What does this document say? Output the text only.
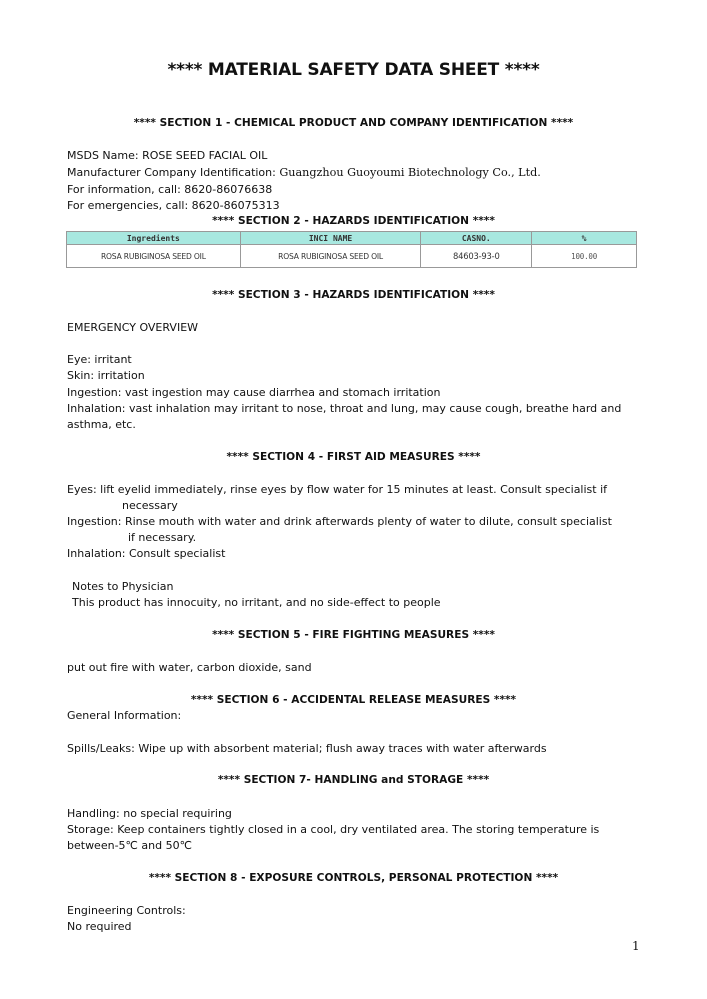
**** MATERIAL SAFETY DATA SHEET ****
**** SECTION 1 - CHEMICAL PRODUCT AND COMPANY IDENTIFICATION ****
MSDS Name: ROSE SEED FACIAL OIL
Manufacturer Company Identification: Guangzhou Guoyoumi Biotechnology Co., Ltd.
For information, call: 8620-86076638
For emergencies, call: 8620-86075313
**** SECTION 2 - HAZARDS IDENTIFICATION ****
Ingredients	INCI NAME	CASNO.	%
ROSA RUBIGINOSA SEED OIL	ROSA RUBIGINOSA SEED OIL	84603-93-0	100.00
**** SECTION 3 - HAZARDS IDENTIFICATION ****
EMERGENCY OVERVIEW
Eye: irritant
Skin: irritation
Ingestion: vast ingestion may cause diarrhea and stomach irritation
Inhalation: vast inhalation may irritant to nose, throat and lung, may cause cough, breathe hard and
asthma, etc.
**** SECTION 4 - FIRST AID MEASURES ****
Eyes: lift eyelid immediately, rinse eyes by flow water for 15 minutes at least. Consult specialist if
necessary
Ingestion: Rinse mouth with water and drink afterwards plenty of water to dilute, consult specialist
if necessary.
Inhalation: Consult specialist
Notes to Physician
This product has innocuity, no irritant, and no side-effect to people
**** SECTION 5 - FIRE FIGHTING MEASURES ****
put out fire with water, carbon dioxide, sand
**** SECTION 6 - ACCIDENTAL RELEASE MEASURES ****
General Information:
Spills/Leaks: Wipe up with absorbent material; flush away traces with water afterwards
**** SECTION 7- HANDLING and STORAGE ****
Handling: no special requiring
Storage: Keep containers tightly closed in a cool, dry ventilated area. The storing temperature is
between-5℃ and 50℃
**** SECTION 8 - EXPOSURE CONTROLS, PERSONAL PROTECTION ****
Engineering Controls:
No required
1
